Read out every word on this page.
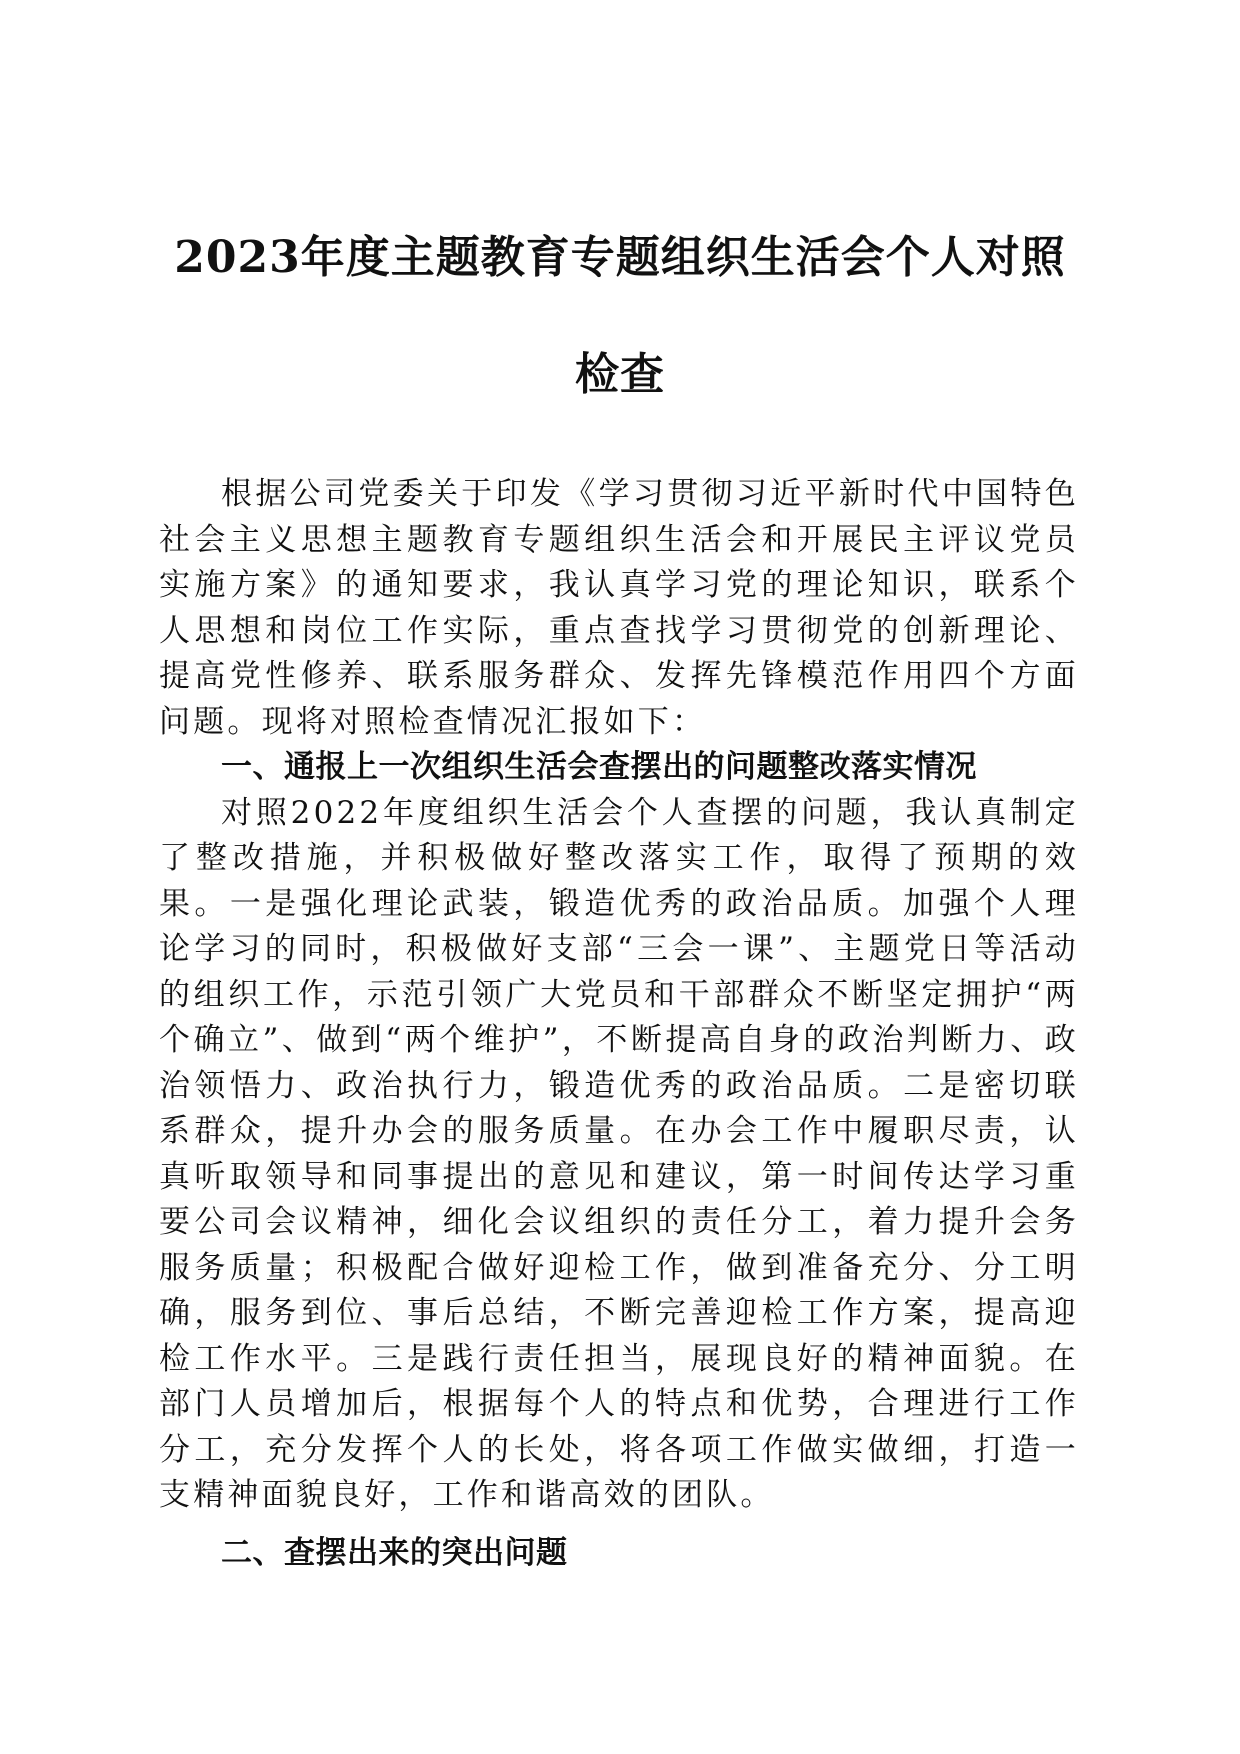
2023年度主题教育专题组织生活会个人对照
检查

根据公司党委关于印发《学习贯彻习近平新时代中国特色社会主义思想主题教育专题组织生活会和开展民主评议党员实施方案》的通知要求，我认真学习党的理论知识，联系个人思想和岗位工作实际，重点查找学习贯彻党的创新理论、提高党性修养、联系服务群众、发挥先锋模范作用四个方面问题。现将对照检查情况汇报如下：

一、通报上一次组织生活会查摆出的问题整改落实情况

对照2022年度组织生活会个人查摆的问题，我认真制定了整改措施，并积极做好整改落实工作，取得了预期的效果。一是强化理论武装，锻造优秀的政治品质。加强个人理论学习的同时，积极做好支部“三会一课”、主题党日等活动的组织工作，示范引领广大党员和干部群众不断坚定拥护“两个确立”、做到“两个维护”，不断提高自身的政治判断力、政治领悟力、政治执行力，锻造优秀的政治品质。二是密切联系群众，提升办会的服务质量。在办会工作中履职尽责，认真听取领导和同事提出的意见和建议，第一时间传达学习重要公司会议精神，细化会议组织的责任分工，着力提升会务服务质量；积极配合做好迎检工作，做到准备充分、分工明确，服务到位、事后总结，不断完善迎检工作方案，提高迎检工作水平。三是践行责任担当，展现良好的精神面貌。在部门人员增加后，根据每个人的特点和优势，合理进行工作分工，充分发挥个人的长处，将各项工作做实做细，打造一支精神面貌良好，工作和谐高效的团队。

二、查摆出来的突出问题
